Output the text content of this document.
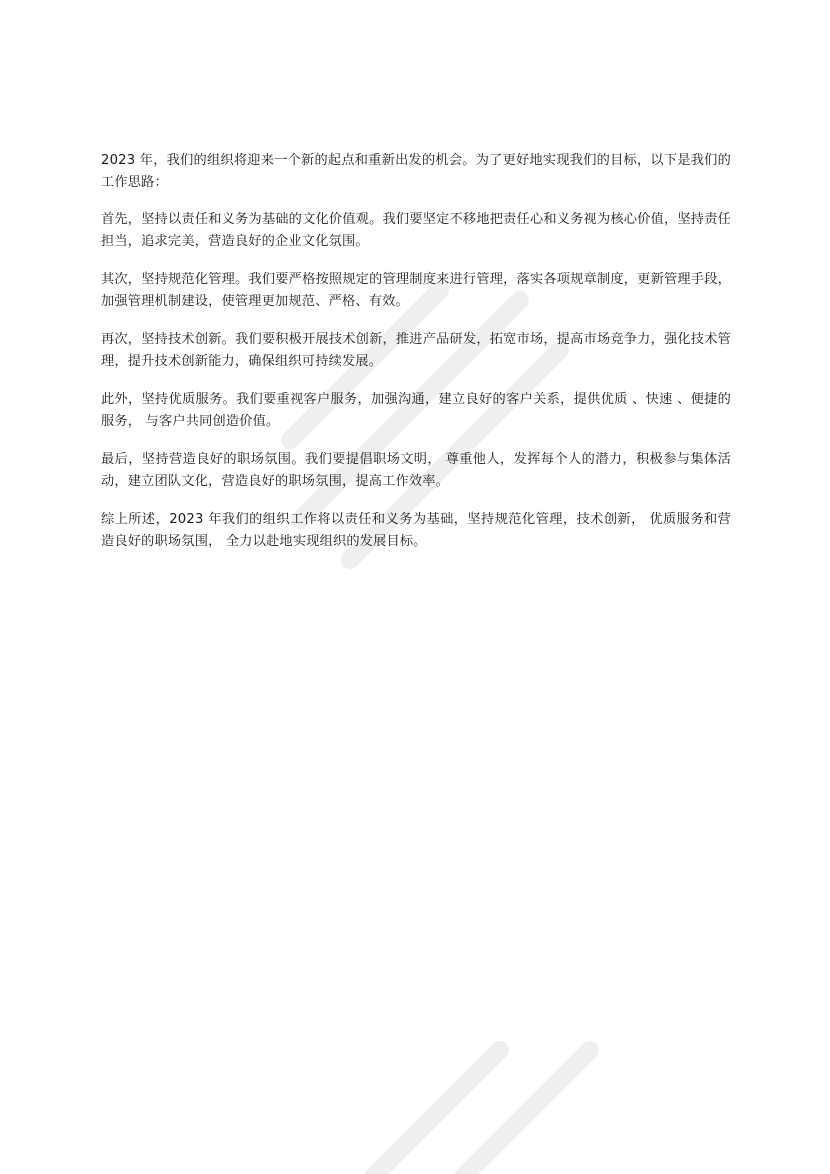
2023 年，我们的组织将迎来一个新的起点和重新出发的机会。为了更好地实现我们的目标，以下是我们的工作思路：

首先，坚持以责任和义务为基础的文化价值观。我们要坚定不移地把责任心和义务视为核心价值，坚持责任担当，追求完美，营造良好的企业文化氛围。

其次，坚持规范化管理。我们要严格按照规定的管理制度来进行管理，落实各项规章制度，更新管理手段，加强管理机制建设，使管理更加规范、严格、有效。

再次，坚持技术创新。我们要积极开展技术创新，推进产品研发，拓宽市场，提高市场竞争力，强化技术管理，提升技术创新能力，确保组织可持续发展。

此外，坚持优质服务。我们要重视客户服务，加强沟通，建立良好的客户关系，提供优质 、快速 、便捷的服务， 与客户共同创造价值。

最后，坚持营造良好的职场氛围。我们要提倡职场文明， 尊重他人，发挥每个人的潜力，积极参与集体活动，建立团队文化，营造良好的职场氛围，提高工作效率。

综上所述，2023 年我们的组织工作将以责任和义务为基础，坚持规范化管理，技术创新， 优质服务和营造良好的职场氛围， 全力以赴地实现组织的发展目标。
